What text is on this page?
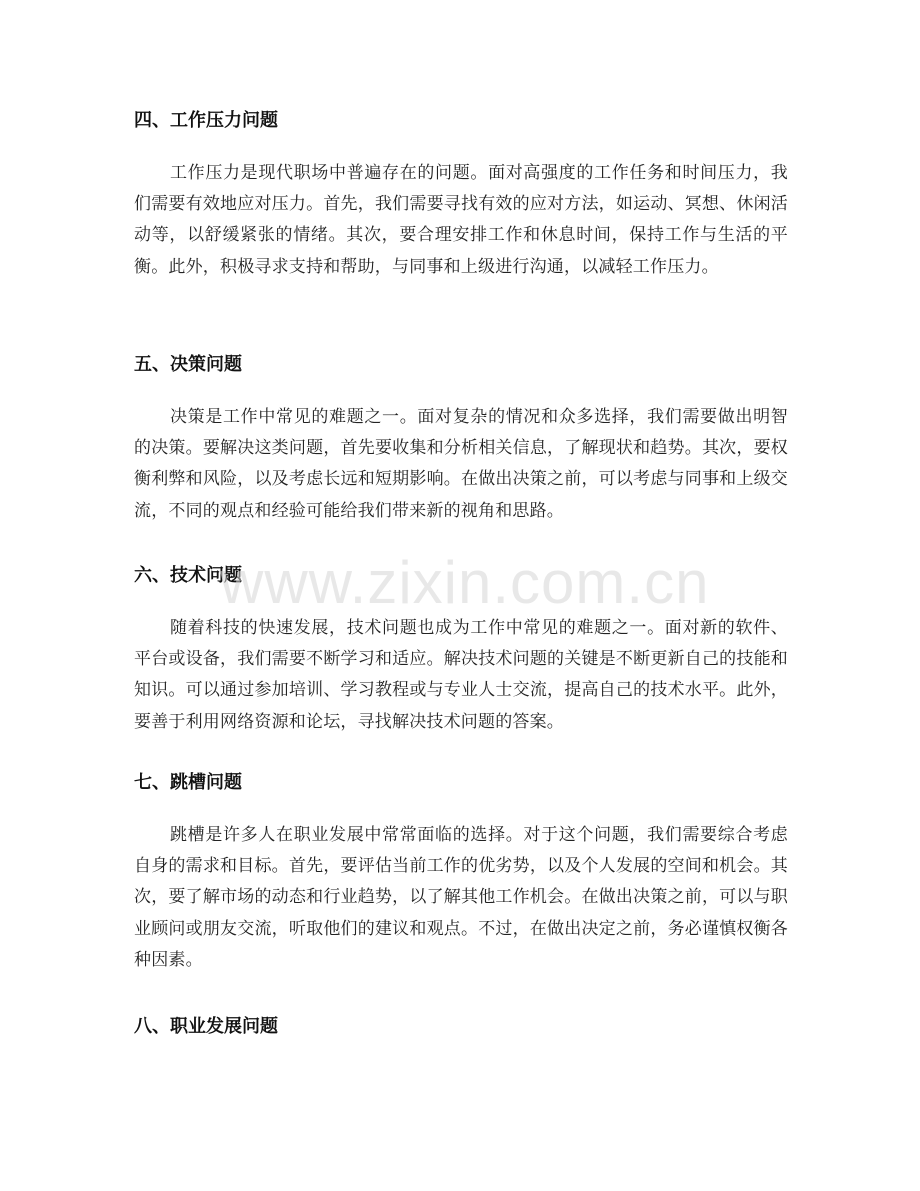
四、工作压力问题

工作压力是现代职场中普遍存在的问题。面对高强度的工作任务和时间压力，我们需要有效地应对压力。首先，我们需要寻找有效的应对方法，如运动、冥想、休闲活动等，以舒缓紧张的情绪。其次，要合理安排工作和休息时间，保持工作与生活的平衡。此外，积极寻求支持和帮助，与同事和上级进行沟通，以减轻工作压力。

五、决策问题

决策是工作中常见的难题之一。面对复杂的情况和众多选择，我们需要做出明智的决策。要解决这类问题，首先要收集和分析相关信息，了解现状和趋势。其次，要权衡利弊和风险，以及考虑长远和短期影响。在做出决策之前，可以考虑与同事和上级交流，不同的观点和经验可能给我们带来新的视角和思路。

六、技术问题

随着科技的快速发展，技术问题也成为工作中常见的难题之一。面对新的软件、平台或设备，我们需要不断学习和适应。解决技术问题的关键是不断更新自己的技能和知识。可以通过参加培训、学习教程或与专业人士交流，提高自己的技术水平。此外，要善于利用网络资源和论坛，寻找解决技术问题的答案。

七、跳槽问题

跳槽是许多人在职业发展中常常面临的选择。对于这个问题，我们需要综合考虑自身的需求和目标。首先，要评估当前工作的优劣势，以及个人发展的空间和机会。其次，要了解市场的动态和行业趋势，以了解其他工作机会。在做出决策之前，可以与职业顾问或朋友交流，听取他们的建议和观点。不过，在做出决定之前，务必谨慎权衡各种因素。

八、职业发展问题
www.zixin.com.cn
